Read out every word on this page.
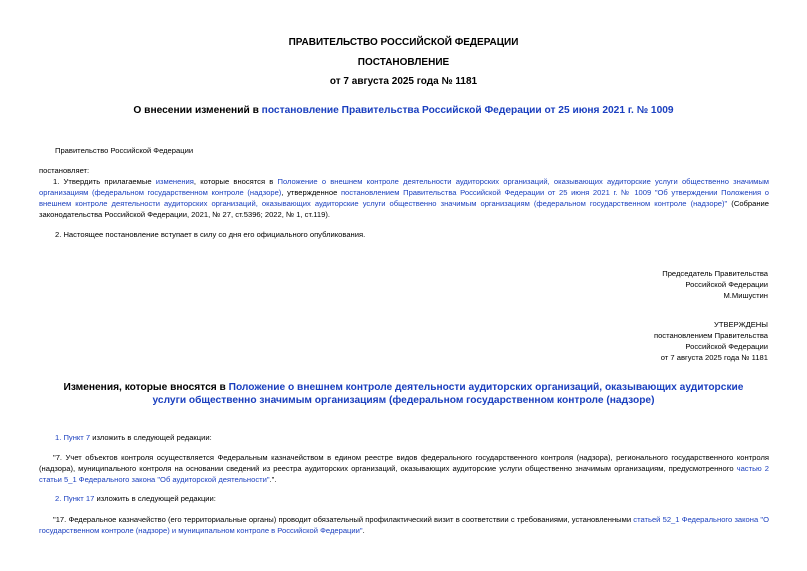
ПРАВИТЕЛЬСТВО РОССИЙСКОЙ ФЕДЕРАЦИИ
ПОСТАНОВЛЕНИЕ
от 7 августа 2025 года № 1181
О внесении изменений в постановление Правительства Российской Федерации от 25 июня 2021 г. № 1009
Правительство Российской Федерации
постановляет:
1. Утвердить прилагаемые изменения, которые вносятся в Положение о внешнем контроле деятельности аудиторских организаций, оказывающих аудиторские услуги общественно значимым организациям (федеральном государственном контроле (надзоре), утвержденное постановлением Правительства Российской Федерации от 25 июня 2021 г. № 1009 "Об утверждении Положения о внешнем контроле деятельности аудиторских организаций, оказывающих аудиторские услуги общественно значимым организациям (федеральном государственном контроле (надзоре)" (Собрание законодательства Российской Федерации, 2021, № 27, ст.5396; 2022, № 1, ст.119).
2. Настоящее постановление вступает в силу со дня его официального опубликования.
Председатель Правительства
Российской Федерации
М.Мишустин
УТВЕРЖДЕНЫ
постановлением Правительства
Российской Федерации
от 7 августа 2025 года № 1181
Изменения, которые вносятся в Положение о внешнем контроле деятельности аудиторских организаций, оказывающих аудиторские услуги общественно значимым организациям (федеральном государственном контроле (надзоре)
1. Пункт 7 изложить в следующей редакции:
"7. Учет объектов контроля осуществляется Федеральным казначейством в едином реестре видов федерального государственного контроля (надзора), регионального государственного контроля (надзора), муниципального контроля на основании сведений из реестра аудиторских организаций, оказывающих аудиторские услуги общественно значимым организациям, предусмотренного частью 2 статьи 5_1 Федерального закона "Об аудиторской деятельности".".
2. Пункт 17 изложить в следующей редакции:
"17. Федеральное казначейство (его территориальные органы) проводит обязательный профилактический визит в соответствии с требованиями, установленными статьей 52_1 Федерального закона "О государственном контроле (надзоре) и муниципальном контроле в Российской Федерации".
